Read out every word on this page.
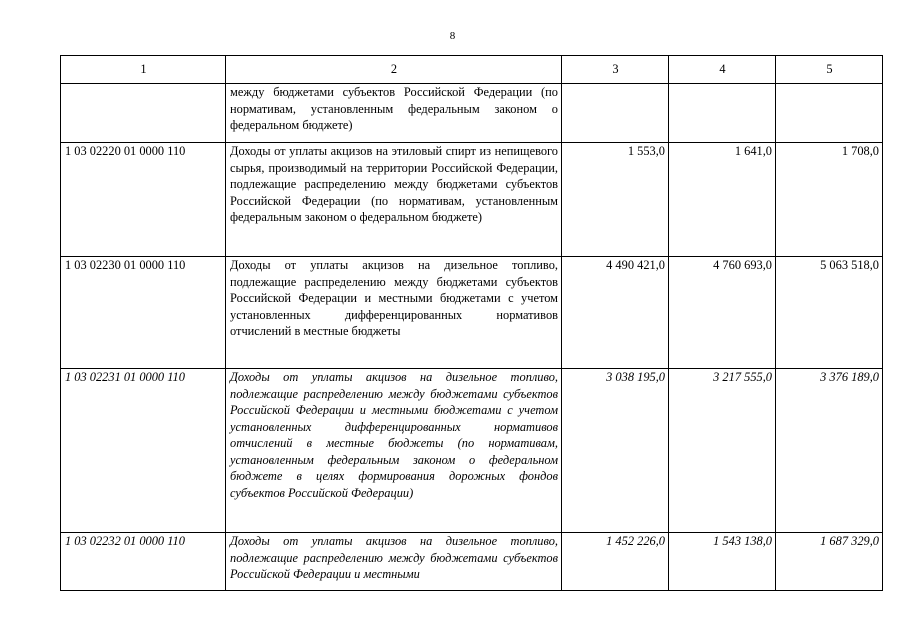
8
1	2	3	4	5
	между бюджетами субъектов Российской Федерации (по нормативам, установленным федеральным законом о федеральном бюджете)			
1 03 02220 01 0000 110	Доходы от уплаты акцизов на этиловый спирт из непищевого сырья, производимый на территории Российской Федерации, подлежащие распределению между бюджетами субъектов Российской Федерации (по нормативам, установленным федеральным законом о федеральном бюджете)	1 553,0	1 641,0	1 708,0
1 03 02230 01 0000 110	Доходы от уплаты акцизов на дизельное топливо, подлежащие распределению между бюджетами субъектов Российской Федерации и местными бюджетами с учетом установленных дифференцированных нормативов отчислений в местные бюджеты	4 490 421,0	4 760 693,0	5 063 518,0
1 03 02231 01 0000 110	Доходы от уплаты акцизов на дизельное топливо, подлежащие распределению между бюджетами субъектов Российской Федерации и местными бюджетами с учетом установленных дифференцированных нормативов отчислений в местные бюджеты (по нормативам, установленным федеральным законом о федеральном бюджете в целях формирования дорожных фондов субъектов Российской Федерации)	3 038 195,0	3 217 555,0	3 376 189,0
1 03 02232 01 0000 110	Доходы от уплаты акцизов на дизельное топливо, подлежащие распределению между бюджетами субъектов Российской Федерации и местными	1 452 226,0	1 543 138,0	1 687 329,0
